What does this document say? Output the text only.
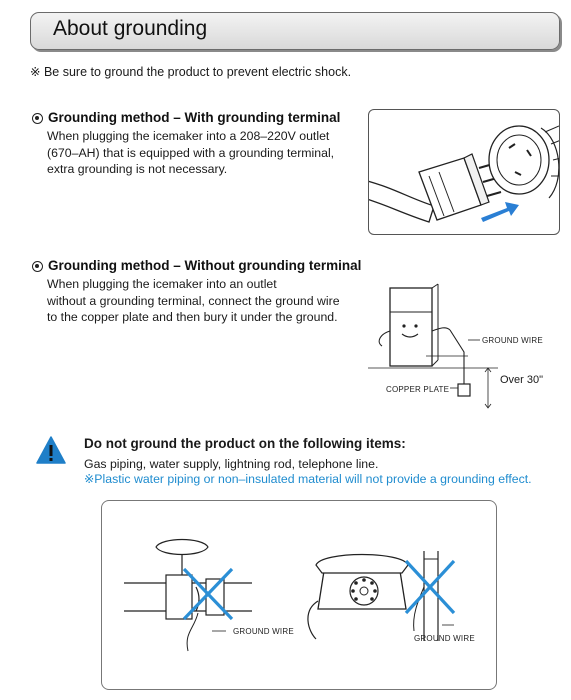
About grounding
※ Be sure to ground the product to prevent electric shock.
Grounding method – With grounding terminal
When plugging the icemaker into a 208–220V outlet
(670–AH) that is equipped with a grounding terminal,
extra grounding is not necessary.
Grounding method – Without grounding terminal
When plugging the icemaker into an outlet
without a grounding terminal, connect the ground wire
to the copper plate and then bury it under the ground.
GROUND WIRE
COPPER PLATE
Over 30"
Do not ground the product on the following items:
Gas piping, water supply, lightning rod, telephone line.
※Plastic water piping or non–insulated material will not provide a grounding effect.
GROUND WIRE
GROUND WIRE
